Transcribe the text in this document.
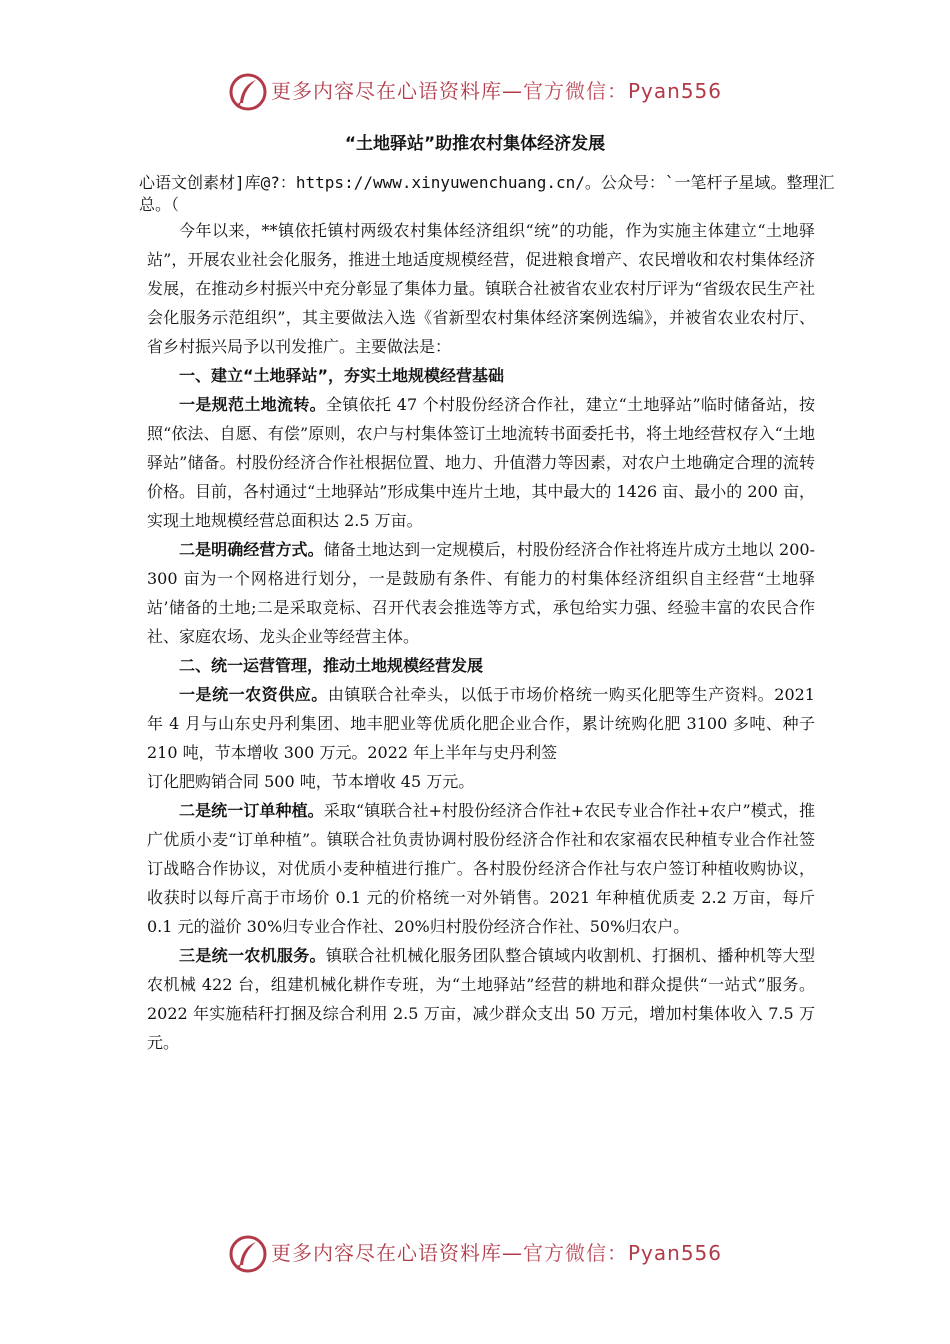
更多内容尽在心语资料库—官方微信：Pyan556
“土地驿站”助推农村集体经济发展

心语文创素材]库@?：https://www.xinyuwenchuang.cn/。公众号：`一笔杆子星域。整理汇总。（

今年以来，**镇依托镇村两级农村集体经济组织“统”的功能，作为实施主体建立“土地驿站”，开展农业社会化服务，推进土地适度规模经营，促进粮食增产、农民增收和农村集体经济发展，在推动乡村振兴中充分彰显了集体力量。镇联合社被省农业农村厅评为“省级农民生产社会化服务示范组织”，其主要做法入选《省新型农村集体经济案例选编》，并被省农业农村厅、省乡村振兴局予以刊发推广。主要做法是：

一、建立“土地驿站”，夯实土地规模经营基础

一是规范土地流转。全镇依托 47 个村股份经济合作社，建立“土地驿站”临时储备站，按照“依法、自愿、有偿”原则，农户与村集体签订土地流转书面委托书，将土地经营权存入“土地驿站”储备。村股份经济合作社根据位置、地力、升值潜力等因素，对农户土地确定合理的流转价格。目前，各村通过“土地驿站”形成集中连片土地，其中最大的 1426 亩、最小的 200 亩，实现土地规模经营总面积达 2.5 万亩。

二是明确经营方式。储备土地达到一定规模后，村股份经济合作社将连片成方土地以 200-300 亩为一个网格进行划分，一是鼓励有条件、有能力的村集体经济组织自主经营“土地驿站’储备的土地;二是采取竞标、召开代表会推选等方式，承包给实力强、经验丰富的农民合作社、家庭农场、龙头企业等经营主体。

二、统一运营管理，推动土地规模经营发展

一是统一农资供应。由镇联合社牵头，以低于市场价格统一购买化肥等生产资料。2021 年 4 月与山东史丹利集团、地丰肥业等优质化肥企业合作，累计统购化肥 3100 多吨、种子 210 吨，节本增收 300 万元。2022 年上半年与史丹利签

订化肥购销合同 500 吨，节本增收 45 万元。

二是统一订单种植。采取“镇联合社+村股份经济合作社+农民专业合作社+农户”模式，推广优质小麦“订单种植”。镇联合社负责协调村股份经济合作社和农家福农民种植专业合作社签订战略合作协议，对优质小麦种植进行推广。各村股份经济合作社与农户签订种植收购协议，收获时以每斤高于市场价 0.1 元的价格统一对外销售。2021 年种植优质麦 2.2 万亩，每斤 0.1 元的溢价 30%归专业合作社、20%归村股份经济合作社、50%归农户。

三是统一农机服务。镇联合社机械化服务团队整合镇域内收割机、打捆机、播种机等大型农机械 422 台，组建机械化耕作专班，为“土地驿站”经营的耕地和群众提供“一站式”服务。2022 年实施秸秆打捆及综合利用 2.5 万亩，减少群众支出 50 万元，增加村集体收入 7.5 万元。

更多内容尽在心语资料库—官方微信：Pyan556
